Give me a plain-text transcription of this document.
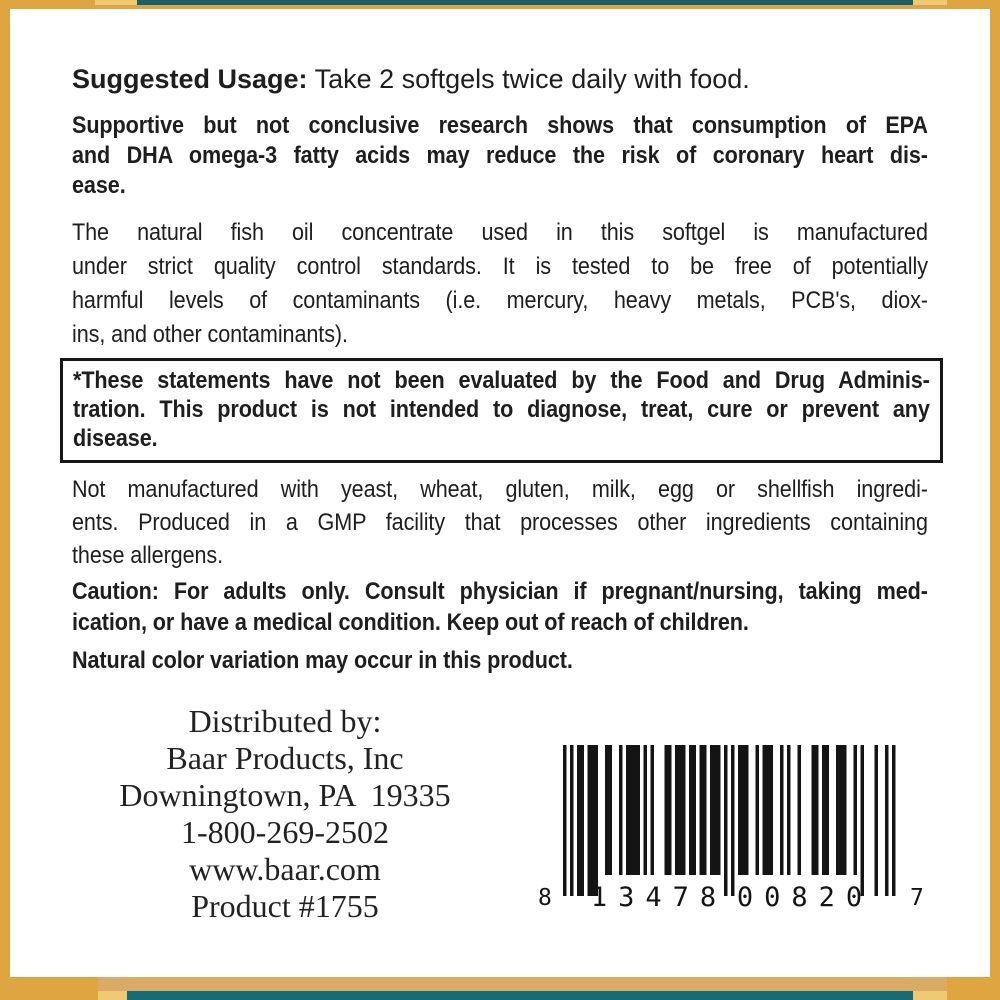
Suggested Usage: Take 2 softgels twice daily with food.
Supportive but not conclusive research shows that consumption of EPA
and DHA omega-3 fatty acids may reduce the risk of coronary heart dis-
ease.
The natural fish oil concentrate used in this softgel is manufactured
under strict quality control standards. It is tested to be free of potentially
harmful levels of contaminants (i.e. mercury, heavy metals, PCB's, diox-
ins, and other contaminants).
*These statements have not been evaluated by the Food and Drug Adminis-
tration. This product is not intended to diagnose, treat, cure or prevent any
disease.
Not manufactured with yeast, wheat, gluten, milk, egg or shellfish ingredi-
ents. Produced in a GMP facility that processes other ingredients containing
these allergens.
Caution: For adults only. Consult physician if pregnant/nursing, taking med-
ication, or have a medical condition. Keep out of reach of children.
Natural color variation may occur in this product.
Distributed by:
Baar Products, Inc
Downingtown, PA  19335
1-800-269-2502
www.baar.com
Product #1755	8 13478 00820 7
